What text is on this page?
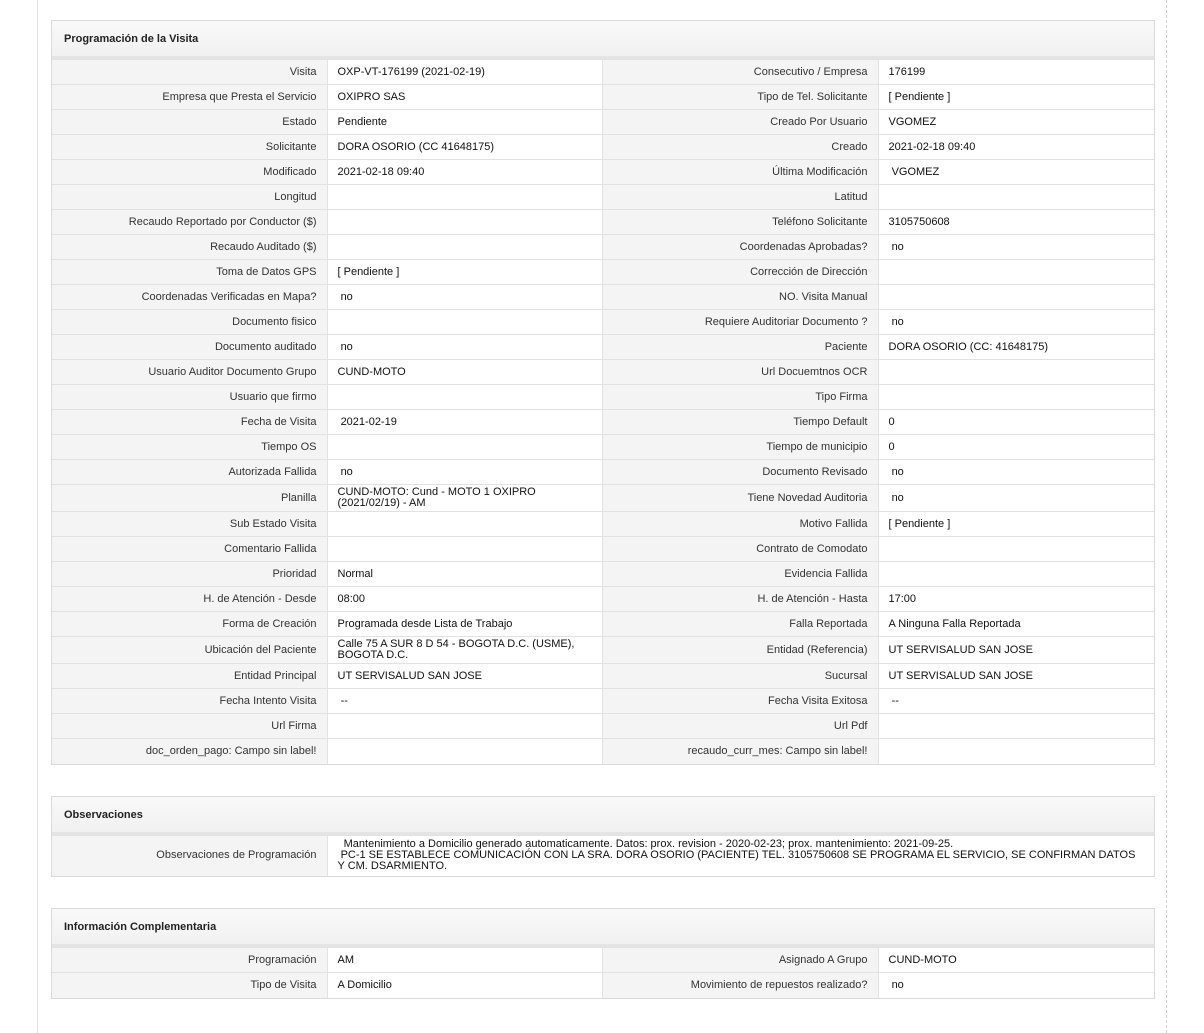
Programación de la Visita
Visita	OXP-VT-176199 (2021-02-19)	Consecutivo / Empresa	176199
Empresa que Presta el Servicio	OXIPRO SAS	Tipo de Tel. Solicitante	[ Pendiente ]
Estado	Pendiente	Creado Por Usuario	VGOMEZ
Solicitante	DORA OSORIO (CC 41648175)	Creado	2021-02-18 09:40
Modificado	2021-02-18 09:40	Última Modificación	VGOMEZ
Longitud		Latitud	
Recaudo Reportado por Conductor ($)		Teléfono Solicitante	3105750608
Recaudo Auditado ($)		Coordenadas Aprobadas?	no
Toma de Datos GPS	[ Pendiente ]	Corrección de Dirección	
Coordenadas Verificadas en Mapa?	no	NO. Visita Manual	
Documento fisico		Requiere Auditoriar Documento ?	no
Documento auditado	no	Paciente	DORA OSORIO (CC: 41648175)
Usuario Auditor Documento Grupo	CUND-MOTO	Url Docuemtnos OCR	
Usuario que firmo		Tipo Firma	
Fecha de Visita	2021-02-19	Tiempo Default	0
Tiempo OS		Tiempo de municipio	0
Autorizada Fallida	no	Documento Revisado	no
Planilla	CUND-MOTO: Cund - MOTO 1 OXIPRO (2021/02/19) - AM	Tiene Novedad Auditoria	no
Sub Estado Visita		Motivo Fallida	[ Pendiente ]
Comentario Fallida		Contrato de Comodato	
Prioridad	Normal	Evidencia Fallida	
H. de Atención - Desde	08:00	H. de Atención - Hasta	17:00
Forma de Creación	Programada desde Lista de Trabajo	Falla Reportada	A Ninguna Falla Reportada
Ubicación del Paciente	Calle 75 A SUR 8 D 54 - BOGOTA D.C. (USME), BOGOTA D.C.	Entidad (Referencia)	UT SERVISALUD SAN JOSE
Entidad Principal	UT SERVISALUD SAN JOSE	Sucursal	UT SERVISALUD SAN JOSE
Fecha Intento Visita	--	Fecha Visita Exitosa	--
Url Firma		Url Pdf	
doc_orden_pago: Campo sin label!		recaudo_curr_mes: Campo sin label!	
Observaciones
Observaciones de Programación	
Mantenimiento a Domicilio generado automaticamente. Datos: prox. revision - 2020-02-23; prox. mantenimiento: 2021-09-25.
PC-1 SE ESTABLECE COMUNICACIÓN CON LA SRA. DORA OSORIO (PACIENTE) TEL. 3105750608 SE PROGRAMA EL SERVICIO, SE CONFIRMAN DATOS Y CM. DSARMIENTO.
Información Complementaria
Programación	AM	Asignado A Grupo	CUND-MOTO
Tipo de Visita	A Domicilio	Movimiento de repuestos realizado?	no
